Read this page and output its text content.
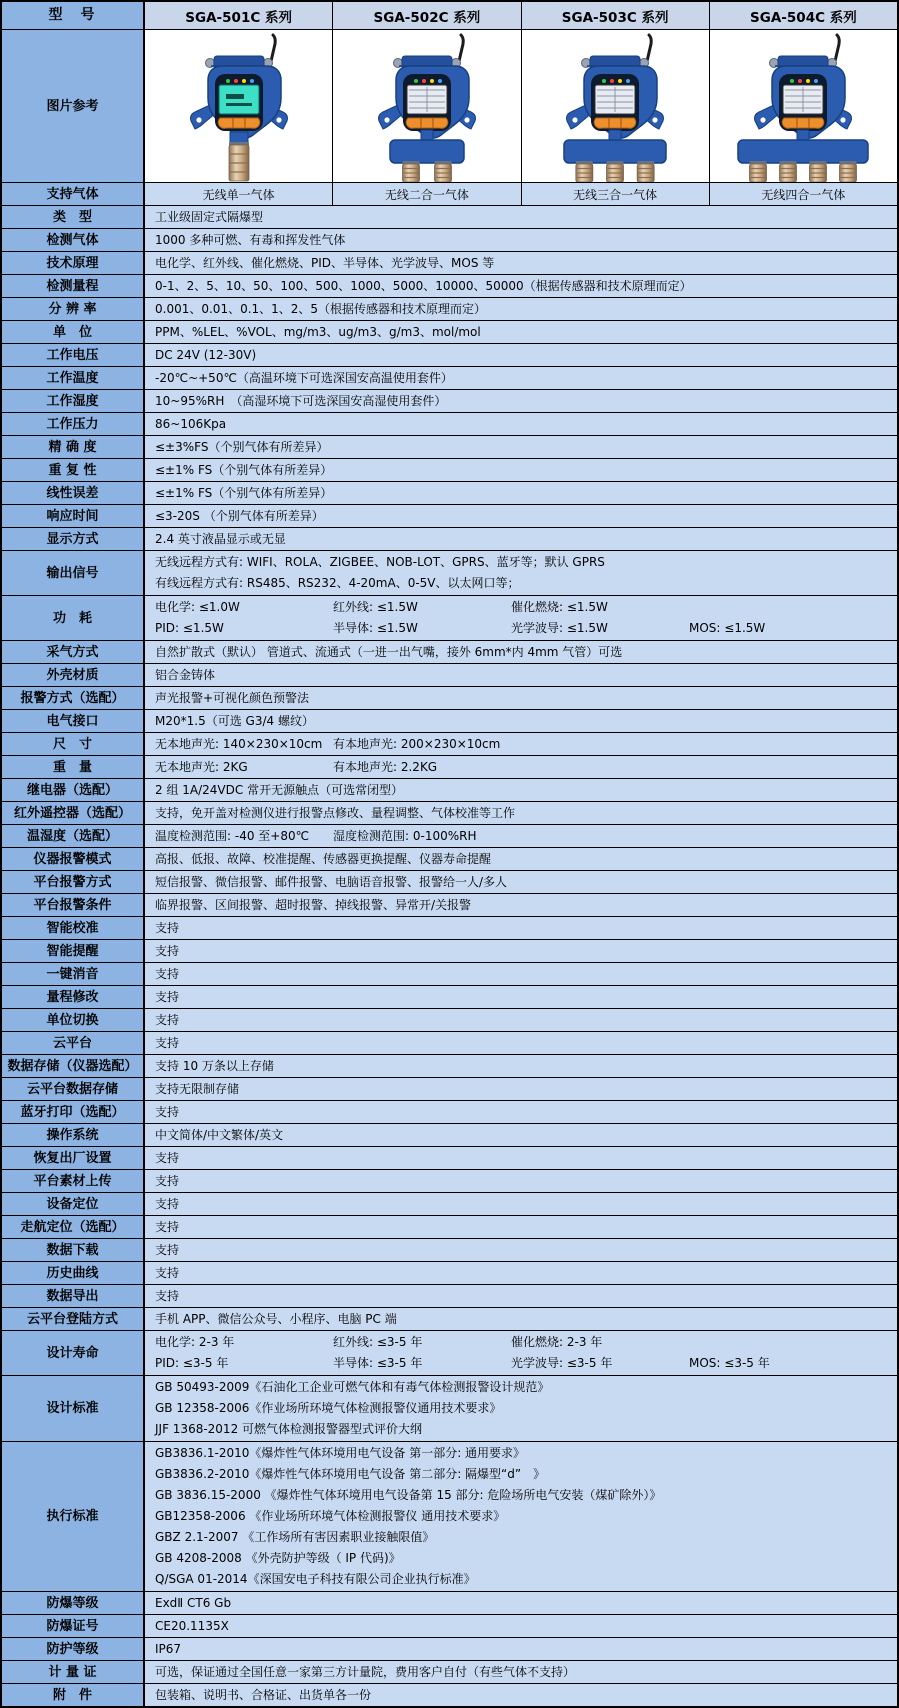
型　号	SGA-501C 系列	SGA-502C 系列	SGA-503C 系列	SGA-504C 系列
图片参考
支持气体	无线单一气体	无线二合一气体	无线三合一气体	无线四合一气体
类　型	工业级固定式隔爆型
检测气体	1000 多种可燃、有毒和挥发性气体
技术原理	电化学、红外线、催化燃烧、PID、半导体、光学波导、MOS 等
检测量程	0-1、2、5、10、50、100、500、1000、5000、10000、50000（根据传感器和技术原理而定）
分 辨 率	0.001、0.01、0.1、1、2、5（根据传感器和技术原理而定）
单　位	PPM、%LEL、%VOL、mg/m3、ug/m3、g/m3、mol/mol
工作电压	DC 24V (12-30V)
工作温度	-20℃~+50℃（高温环境下可选深国安高温使用套件）
工作湿度	10~95%RH　（高湿环境下可选深国安高湿使用套件）
工作压力	86~106Kpa
精 确 度	≤±3%FS（个别气体有所差异）
重 复 性	≤±1% FS（个别气体有所差异）
线性误差	≤±1% FS（个别气体有所差异）
响应时间	≤3-20S （个别气体有所差异）
显示方式	2.4 英寸液晶显示或无显
输出信号
无线远程方式有: WIFI、ROLA、ZIGBEE、NOB-LOT、GPRS、蓝牙等；默认 GPRS
有线远程方式有: RS485、RS232、4-20mA、0-5V、以太网口等；
功　耗
电化学: ≤1.0W	红外线: ≤1.5W	催化燃烧: ≤1.5W
PID: ≤1.5W	半导体: ≤1.5W	光学波导: ≤1.5W	MOS: ≤1.5W
采气方式	自然扩散式（默认） 管道式、流通式（一进一出气嘴，接外 6mm*内 4mm 气管）可选
外壳材质	铝合金铸体
报警方式（选配）	声光报警+可视化颜色预警法
电气接口	M20*1.5（可选 G3/4 螺纹）
尺　寸	无本地声光: 140×230×10cm 有本地声光: 200×230×10cm
重　量	无本地声光: 2KG	有本地声光: 2.2KG
继电器（选配）	2 组 1A/24VDC 常开无源触点（可选常闭型）
红外遥控器（选配）	支持，免开盖对检测仪进行报警点修改、量程调整、气体校准等工作
温湿度（选配）	温度检测范围: -40 至+80℃ 湿度检测范围: 0-100%RH
仪器报警模式	高报、低报、故障、校准提醒、传感器更换提醒、仪器寿命提醒
平台报警方式	短信报警、微信报警、邮件报警、电脑语音报警、报警给一人/多人
平台报警条件	临界报警、区间报警、超时报警、掉线报警、异常开/关报警
智能校准	支持
智能提醒	支持
一键消音	支持
量程修改	支持
单位切换	支持
云平台	支持
数据存储（仪器选配）	支持 10 万条以上存储
云平台数据存储	支持无限制存储
蓝牙打印（选配）	支持
操作系统	中文简体/中文繁体/英文
恢复出厂设置	支持
平台素材上传	支持
设备定位	支持
走航定位（选配）	支持
数据下载	支持
历史曲线	支持
数据导出	支持
云平台登陆方式	手机 APP、微信公众号、小程序、电脑 PC 端
设计寿命
电化学: 2-3 年	红外线: ≤3-5 年	催化燃烧: 2-3 年
PID: ≤3-5 年	半导体: ≤3-5 年	光学波导: ≤3-5 年	MOS: ≤3-5 年
设计标准
GB 50493-2009《石油化工企业可燃气体和有毒气体检测报警设计规范》
GB 12358-2006《作业场所环境气体检测报警仪通用技术要求》
JJF 1368-2012 可燃气体检测报警器型式评价大纲
执行标准
GB3836.1-2010《爆炸性气体环境用电气设备 第一部分: 通用要求》
GB3836.2-2010《爆炸性气体环境用电气设备 第二部分: 隔爆型“d”　》
GB 3836.15-2000 《爆炸性气体环境用电气设备第 15 部分: 危险场所电气安装（煤矿除外）》
GB12358-2006 《作业场所环境气体检测报警仪 通用技术要求》
GBZ 2.1-2007 《工作场所有害因素职业接触限值》
GB 4208-2008 《外壳防护等级（ IP 代码)》
Q/SGA 01-2014《深国安电子科技有限公司企业执行标准》
防爆等级	ExdⅡ CT6 Gb
防爆证号	CE20.1135X
防护等级	IP67
计 量 证	可选，保证通过全国任意一家第三方计量院，费用客户自付（有些气体不支持）
附　件	包装箱、说明书、合格证、出货单各一份
